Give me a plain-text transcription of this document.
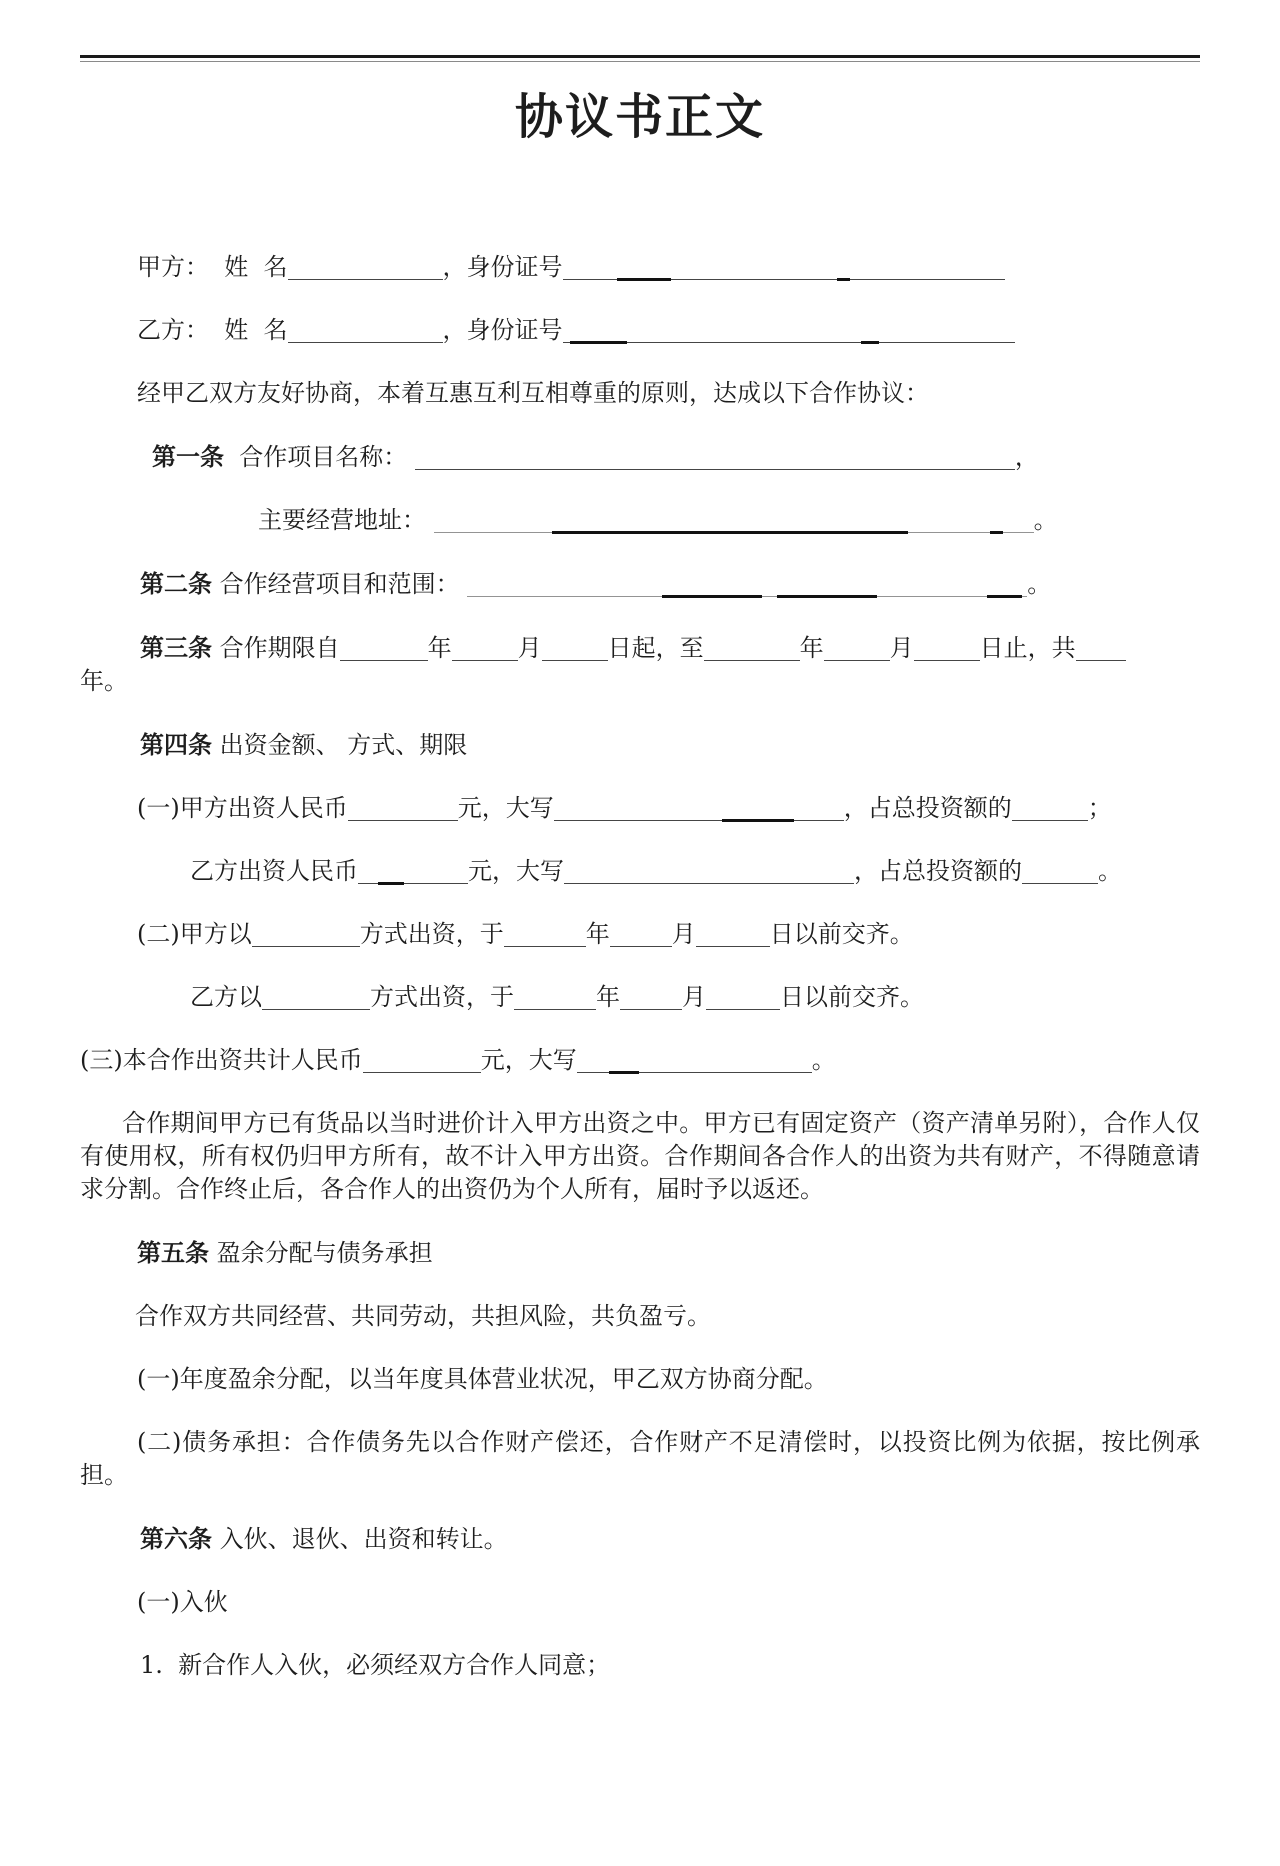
协议书正文

甲方：  姓  名	，身份证号

乙方：  姓  名	，身份证号

经甲乙双方友好协商，本着互惠互利互相尊重的原则，达成以下合作协议：

第一条  合作项目名称：	，

主要经营地址：	。

第二条 合作经营项目和范围：	。

第三条 合作期限自	年	月	日起，至	年	月	日止，共

年。

第四条 出资金额、 方式、期限

(一)甲方出资人民币	元，大写	，占总投资额的	；

乙方出资人民币	元，大写	，占总投资额的	。

(二)甲方以	方式出资，于	年	月	日以前交齐。

乙方以	方式出资，于	年	月	日以前交齐。

(三)本合作出资共计人民币	元，大写	。

合作期间甲方已有货品以当时进价计入甲方出资之中。甲方已有固定资产（资产清单另附），合作人仅有使用权，所有权仍归甲方所有，故不计入甲方出资。合作期间各合作人的出资为共有财产，不得随意请求分割。合作终止后，各合作人的出资仍为个人所有，届时予以返还。

第五条 盈余分配与债务承担

合作双方共同经营、共同劳动，共担风险，共负盈亏。

(一)年度盈余分配，以当年度具体营业状况，甲乙双方协商分配。

(二)债务承担：合作债务先以合作财产偿还，合作财产不足清偿时，以投资比例为依据，按比例承担。

第六条 入伙、退伙、出资和转让。

(一)入伙

1.  新合作人入伙，必须经双方合作人同意；
